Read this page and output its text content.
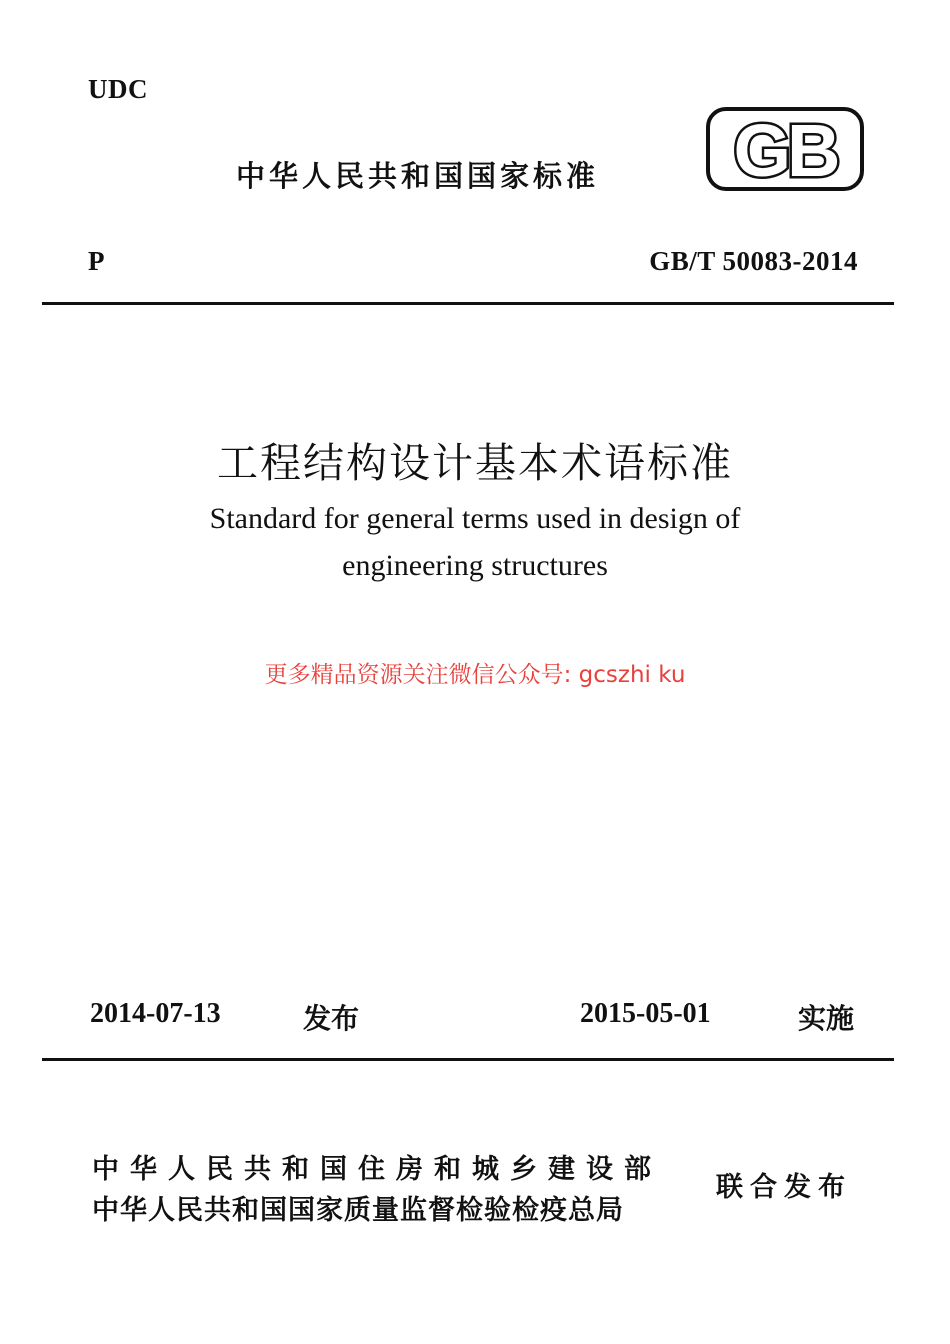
UDC
中华人民共和国国家标准 GB
P	GB/T 50083-2014
工程结构设计基本术语标准
Standard for general terms used in design of
engineering structures
更多精品资源关注微信公众号: gcszhi ku
2014-07-13	发布	2015-05-01	实施
中华人民共和国住房和城乡建设部
中华人民共和国国家质量监督检验检疫总局
联合发布
